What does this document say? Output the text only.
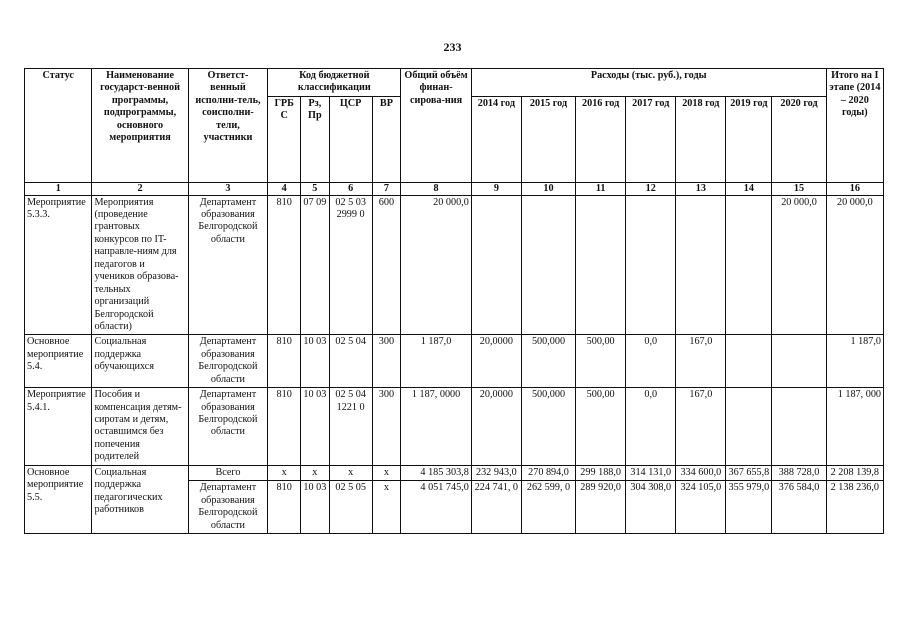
233
Статус	Наименование государст-венной программы, подпрограммы, основного мероприятия	Ответст-венный исполни-тель, соисполни-тели, участники	Код бюджетной классификации				Общий объём финан-сирова-ния	Расходы (тыс. руб.), годы							Итого на I этапе (2014 – 2020 годы)
			ГРБ С	Рз, Пр	ЦСР	ВР		2014 год	2015 год	2016 год	2017 год	2018 год	2019 год	2020 год	
1	2	3	4	5	6	7	8	9	10	11	12	13	14	15	16
Мероприятие 5.3.3.	Мероприятия (проведение грантовых конкурсов по IT-направле-ниям для педагогов и учеников образова-тельных организаций Белгородской области)	Департамент образования Белгородской области	810	07 09	02 5 03 2999 0	600	20 000,0							20 000,0	20 000,0
Основное мероприятие 5.4.	Социальная поддержка обучающихся	Департамент образования Белгородской области	810	10 03	02 5 04	300	1 187,0	20,0000	500,000	500,00	0,0	167,0			1 187,0
Мероприятие 5.4.1.	Пособия и компенсация детям-сиротам и детям, оставшимся без попечения родителей	Департамент образования Белгородской области	810	10 03	02 5 04 1221 0	300	1 187, 0000	20,0000	500,000	500,00	0,0	167,0			1 187, 000
Основное мероприятие 5.5.	Социальная поддержка педагогических работников	Всего	x	x	x	x	4 185 303,8	232 943,0	270 894,0	299 188,0	314 131,0	334 600,0	367 655,8	388 728,0	2 208 139,8
		Департамент образования Белгородской области	810	10 03	02 5 05	x	4 051 745,0	224 741, 0	262 599, 0	289 920,0	304 308,0	324 105,0	355 979,0	376 584,0	2 138 236,0
